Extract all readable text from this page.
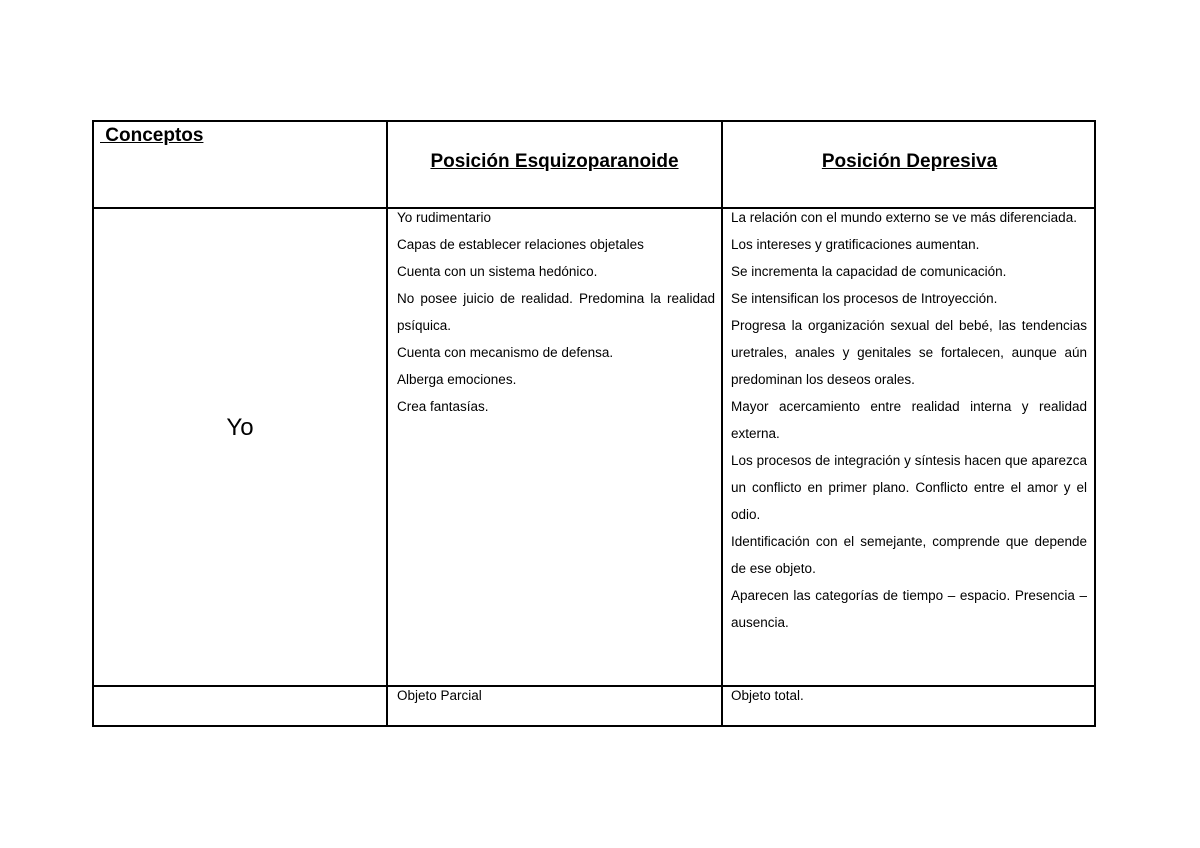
Conceptos
Posición Esquizoparanoide	Posición Depresiva
Yo
Yo rudimentario
Capas de establecer relaciones objetales
Cuenta con un sistema hedónico.
No posee juicio de realidad. Predomina la realidad psíquica.
Cuenta con mecanismo de defensa.
Alberga emociones.
Crea fantasías.
La relación con el mundo externo se ve más diferenciada.
Los intereses y gratificaciones aumentan.
Se incrementa la capacidad de comunicación.
Se intensifican los procesos de Introyección.
Progresa la organización sexual del bebé, las tendencias uretrales, anales y genitales se fortalecen, aunque aún predominan los deseos orales.
Mayor acercamiento entre realidad interna y realidad externa.
Los procesos de integración y síntesis hacen que aparezca un conflicto en primer plano. Conflicto entre el amor y el odio.
Identificación con el semejante, comprende que depende de ese objeto.
Aparecen las categorías de tiempo – espacio. Presencia – ausencia.
Objeto Parcial	Objeto total.
